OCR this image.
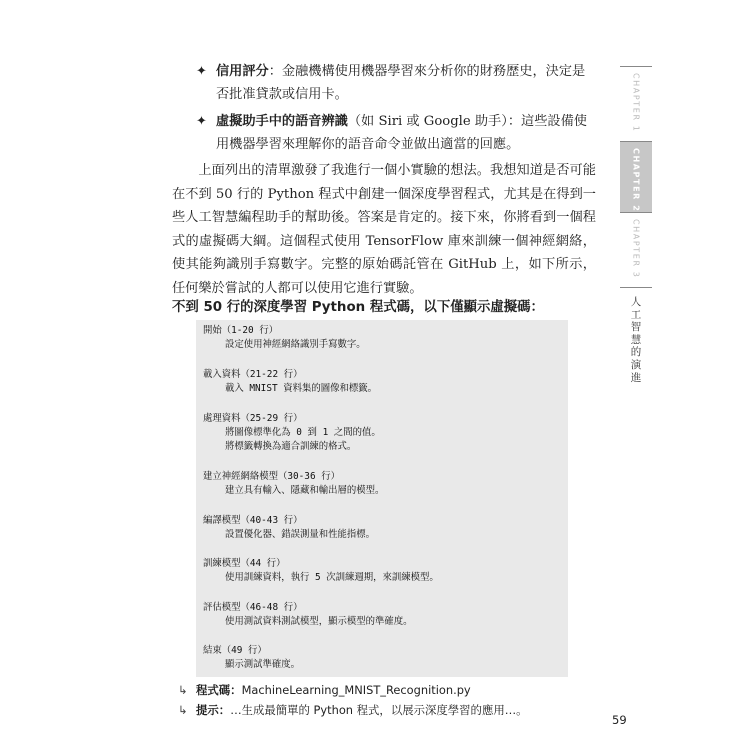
✦ 信用評分：金融機構使用機器學習來分析你的財務歷史，決定是否批准貸款或信用卡。
✦ 虛擬助手中的語音辨識（如 Siri 或 Google 助手）：這些設備使用機器學習來理解你的語音命令並做出適當的回應。

上面列出的清單激發了我進行一個小實驗的想法。我想知道是否可能在不到 50 行的 Python 程式中創建一個深度學習程式，尤其是在得到一些人工智慧編程助手的幫助後。答案是肯定的。接下來，你將看到一個程式的虛擬碼大綱。這個程式使用 TensorFlow 庫來訓練一個神經網絡，使其能夠識別手寫數字。完整的原始碼託管在 GitHub 上，如下所示，任何樂於嘗試的人都可以使用它進行實驗。

不到 50 行的深度學習 Python 程式碼，以下僅顯示虛擬碼：
開始（1-20 行）
設定使用神經網絡識別手寫數字。
載入資料（21-22 行）
載入 MNIST 資料集的圖像和標籤。
處理資料（25-29 行）
將圖像標準化為 0 到 1 之間的值。
將標籤轉換為適合訓練的格式。
建立神經網絡模型（30-36 行）
建立具有輸入、隱藏和輸出層的模型。
編譯模型（40-43 行）
設置優化器、錯誤測量和性能指標。
訓練模型（44 行）
使用訓練資料，執行 5 次訓練週期，來訓練模型。
評估模型（46-48 行）
使用測試資料測試模型，顯示模型的準確度。
結束（49 行）
顯示測試準確度。
↳ 程式碼：MachineLearning_MNIST_Recognition.py
↳ 提示：…生成最簡單的 Python 程式，以展示深度學習的應用…。
59
CHAPTER 1
CHAPTER 2
CHAPTER 3
人
工
智
慧
的
演
進
